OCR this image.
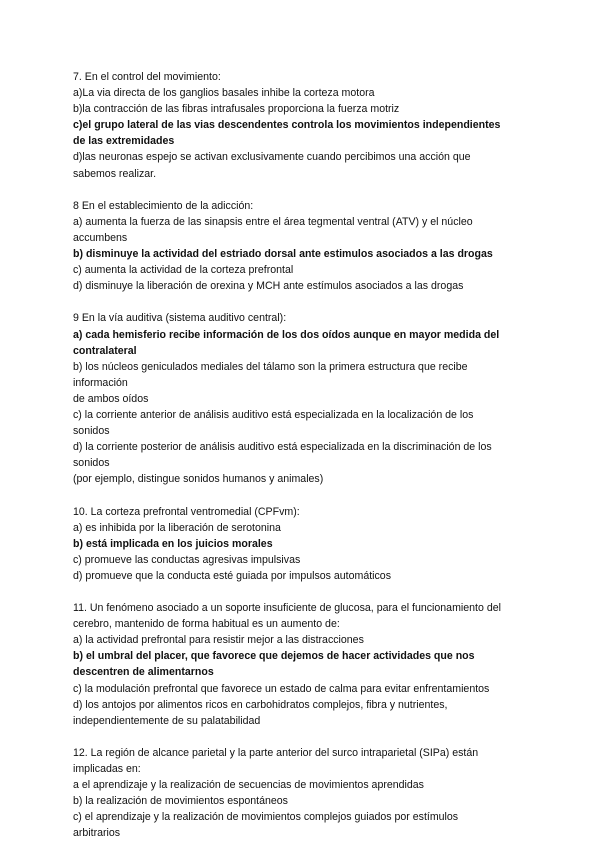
7. En el control del movimiento:
a)La via directa de los ganglios basales inhibe la corteza motora
b)la contracción de las fibras intrafusales proporciona la fuerza motriz
c)el grupo lateral de las vias descendentes controla los movimientos independientes
de las extremidades
d)las neuronas espejo se activan exclusivamente cuando percibimos una acción que
sabemos realizar.
8 En el establecimiento de la adicción:
a) aumenta la fuerza de las sinapsis entre el área tegmental ventral (ATV) y el núcleo
accumbens
b) disminuye la actividad del estriado dorsal ante estimulos asociados a las drogas
c) aumenta la actividad de la corteza prefrontal
d) disminuye la liberación de orexina y MCH ante estímulos asociados a las drogas
9 En la vía auditiva (sistema auditivo central):
a) cada hemisferio recibe información de los dos oídos aunque en mayor medida del
contralateral
b) los núcleos geniculados mediales del tálamo son la primera estructura que recibe
información
de ambos oídos
c) la corriente anterior de análisis auditivo está especializada en la localización de los
sonidos
d) la corriente posterior de análisis auditivo está especializada en la discriminación de los
sonidos
(por ejemplo, distingue sonidos humanos y animales)
10. La corteza prefrontal ventromedial (CPFvm):
a) es inhibida por la liberación de serotonina
b) está implicada en los juicios morales
c) promueve las conductas agresivas impulsivas
d) promueve que la conducta esté guiada por impulsos automáticos
11. Un fenómeno asociado a un soporte insuficiente de glucosa, para el funcionamiento del
cerebro, mantenido de forma habitual es un aumento de:
a) la actividad prefrontal para resistir mejor a las distracciones
b) el umbral del placer, que favorece que dejemos de hacer actividades que nos
descentren de alimentarnos
c) la modulación prefrontal que favorece un estado de calma para evitar enfrentamientos
d) los antojos por alimentos ricos en carbohidratos complejos, fibra y nutrientes,
independientemente de su palatabilidad
12. La región de alcance parietal y la parte anterior del surco intraparietal (SIPa) están
implicadas en:
a el aprendizaje y la realización de secuencias de movimientos aprendidas
b) la realización de movimientos espontáneos
c) el aprendizaje y la realización de movimientos complejos guiados por estímulos
arbitrarios
